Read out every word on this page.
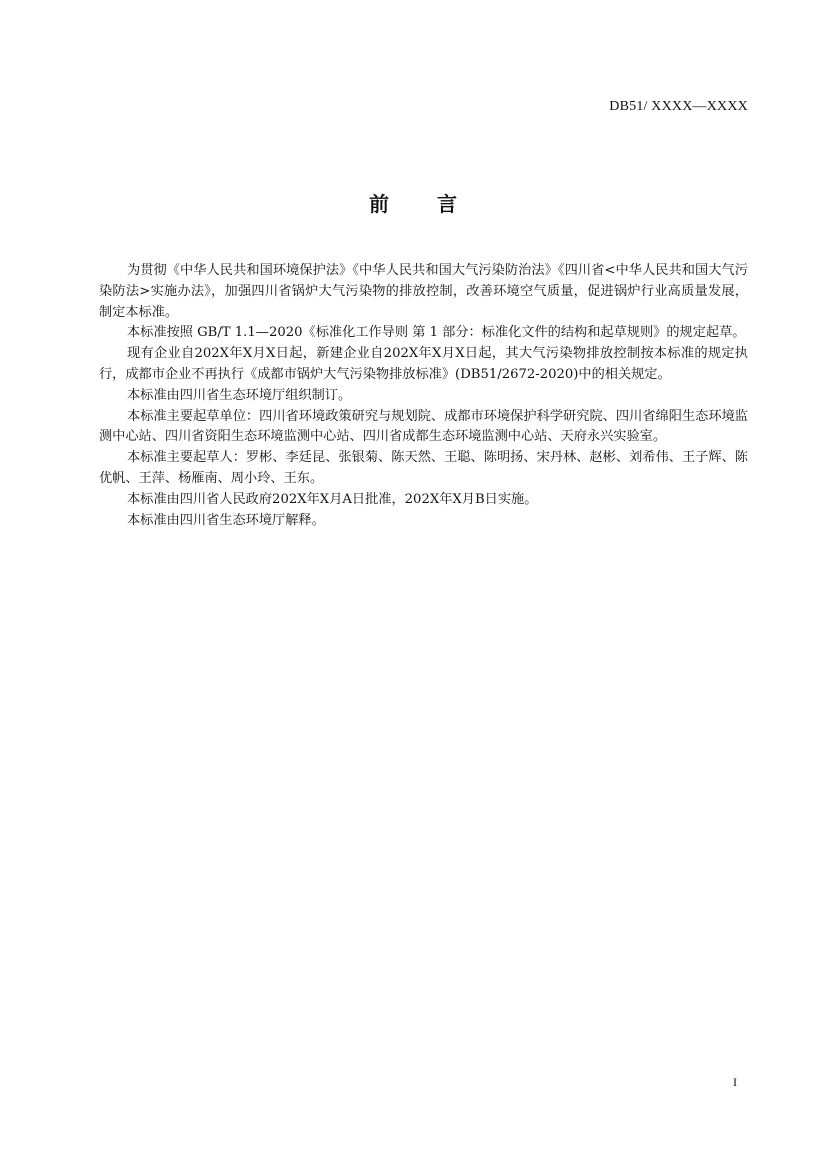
DB51/ XXXX—XXXX
前言

为贯彻《中华人民共和国环境保护法》《中华人民共和国大气污染防治法》《四川省<中华人民共和国大气污染防法>实施办法》，加强四川省锅炉大气污染物的排放控制，改善环境空气质量，促进锅炉行业高质量发展，制定本标准。

本标准按照 GB/T 1.1—2020《标准化工作导则 第 1 部分：标准化文件的结构和起草规则》的规定起草。

现有企业自202X年X月X日起，新建企业自202X年X月X日起，其大气污染物排放控制按本标准的规定执行，成都市企业不再执行《成都市锅炉大气污染物排放标准》(DB51/2672-2020)中的相关规定。

本标准由四川省生态环境厅组织制订。

本标准主要起草单位：四川省环境政策研究与规划院、成都市环境保护科学研究院、四川省绵阳生态环境监测中心站、四川省资阳生态环境监测中心站、四川省成都生态环境监测中心站、天府永兴实验室。

本标准主要起草人：罗彬、李廷昆、张银菊、陈天然、王聪、陈明扬、宋丹林、赵彬、刘希伟、王子辉、陈优帆、王萍、杨雁南、周小玲、王东。

本标准由四川省人民政府202X年X月A日批准，202X年X月B日实施。

本标准由四川省生态环境厅解释。

I
